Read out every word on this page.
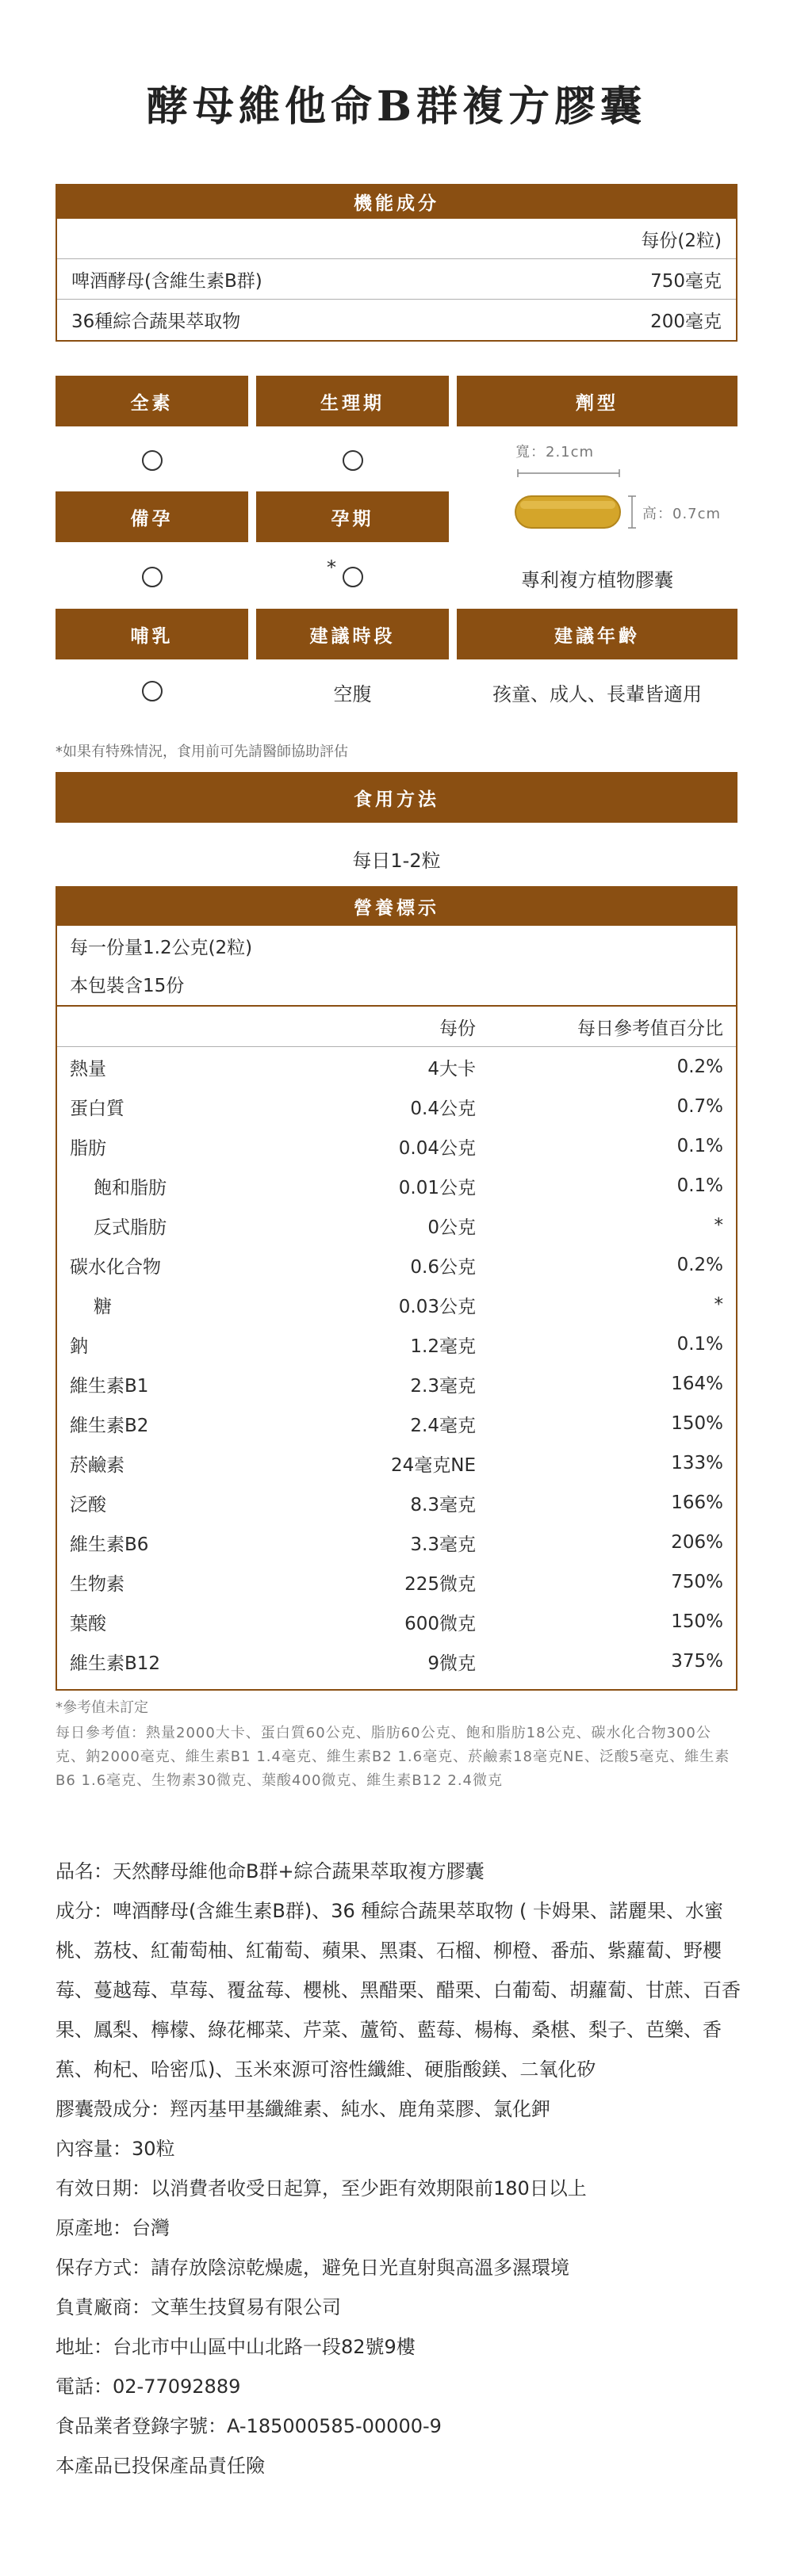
酵母維他命B群複方膠囊
機能成分
每份(2粒)
啤酒酵母(含維生素B群)	750毫克
36種綜合蔬果萃取物	200毫克
全素	生理期	劑型
備孕	孕期
*
寬：2.1cm
高：0.7cm
專利複方植物膠囊
哺乳	建議時段	建議年齡
空腹	孩童、成人、長輩皆適用
*如果有特殊情況，食用前可先請醫師協助評估
食用方法
每日1-2粒
營養標示
每一份量1.2公克(2粒)
本包裝含15份
每份	每日參考值百分比
熱量	4大卡	0.2%
蛋白質	0.4公克	0.7%
脂肪	0.04公克	0.1%
飽和脂肪	0.01公克	0.1%
反式脂肪	0公克	*
碳水化合物	0.6公克	0.2%
糖	0.03公克	*
鈉	1.2毫克	0.1%
維生素B1	2.3毫克	164%
維生素B2	2.4毫克	150%
菸鹼素	24毫克NE	133%
泛酸	8.3毫克	166%
維生素B6	3.3毫克	206%
生物素	225微克	750%
葉酸	600微克	150%
維生素B12	9微克	375%
*參考值未訂定
每日參考值：熱量2000大卡、蛋白質60公克、脂肪60公克、飽和脂肪18公克、碳水化合物300公克、鈉2000毫克、維生素B1 1.4毫克、維生素B2 1.6毫克、菸鹼素18毫克NE、泛酸5毫克、維生素B6 1.6毫克、生物素30微克、葉酸400微克、維生素B12 2.4微克

品名：天然酵母維他命B群+綜合蔬果萃取複方膠囊

成分：啤酒酵母(含維生素B群)、36 種綜合蔬果萃取物 ( 卡姆果、諾麗果、水蜜桃、荔枝、紅葡萄柚、紅葡萄、蘋果、黑棗、石榴、柳橙、番茄、紫蘿蔔、野櫻莓、蔓越莓、草莓、覆盆莓、櫻桃、黑醋栗、醋栗、白葡萄、胡蘿蔔、甘蔗、百香果、鳳梨、檸檬、綠花椰菜、芹菜、蘆筍、藍莓、楊梅、桑椹、梨子、芭樂、香蕉、枸杞、哈密瓜)、玉米來源可溶性纖維、硬脂酸鎂、二氧化矽

膠囊殼成分：羥丙基甲基纖維素、純水、鹿角菜膠、氯化鉀

內容量：30粒

有效日期：以消費者收受日起算，至少距有效期限前180日以上

原產地：台灣

保存方式：請存放陰涼乾燥處，避免日光直射與高溫多濕環境

負責廠商：文華生技貿易有限公司

地址：台北市中山區中山北路一段82號9樓

電話：02-77092889

食品業者登錄字號：A-185000585-00000-9

本產品已投保產品責任險
